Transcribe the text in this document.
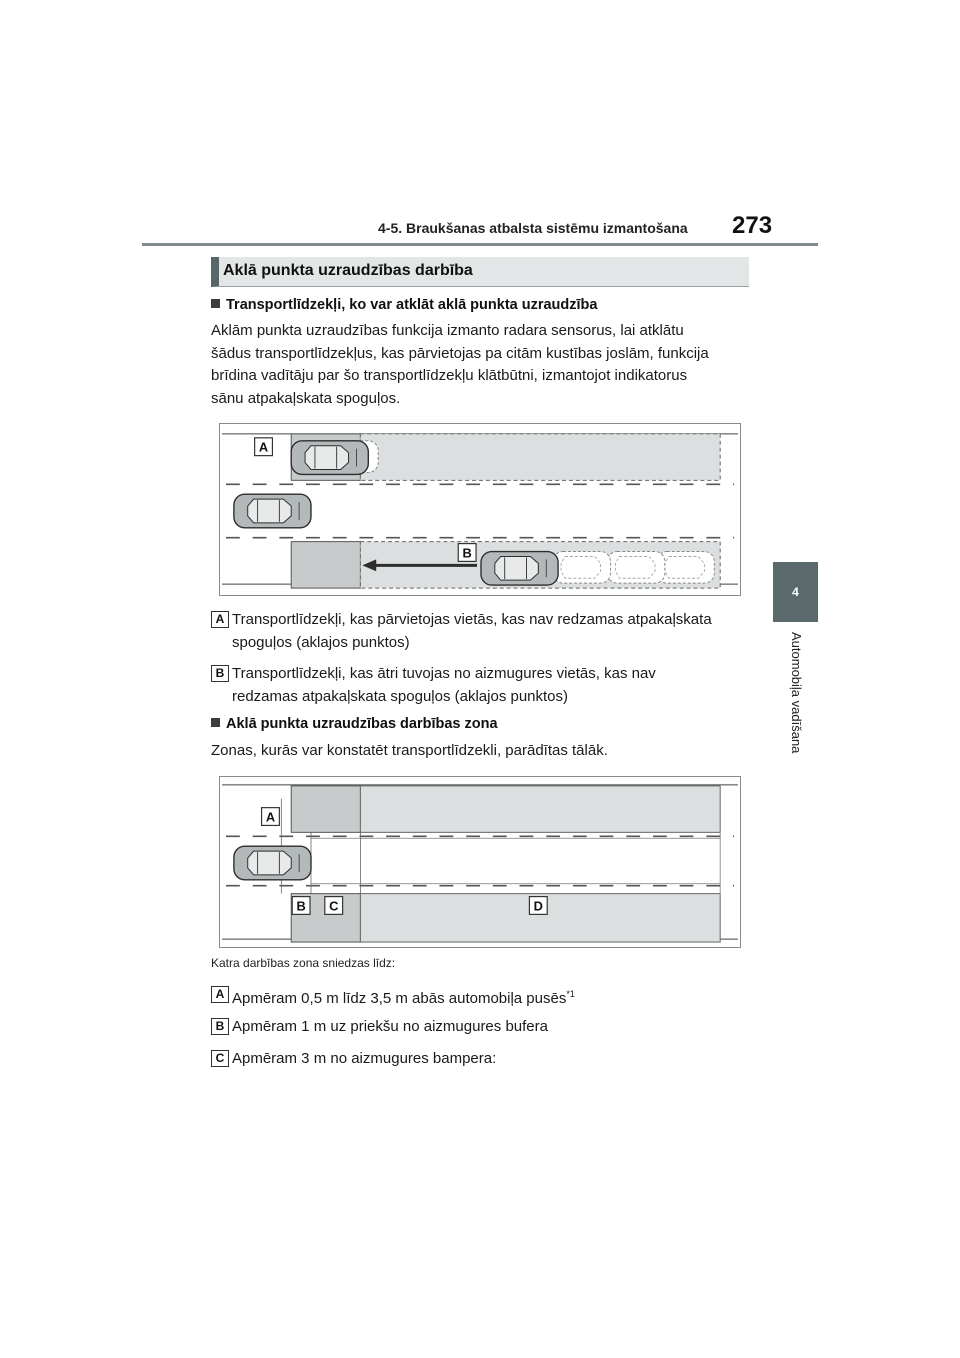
4-5. Braukšanas atbalsta sistēmu izmantošana 273
4
Automobiļa vadīšana
Aklā punkta uzraudzības darbība
Transportlīdzekļi, ko var atklāt aklā punkta uzraudzība
Aklām punkta uzraudzības funkcija izmanto radara sensorus, lai atklātu
šādus transportlīdzekļus, kas pārvietojas pa citām kustības joslām, funkcija
brīdina vadītāju par šo transportlīdzekļu klātbūtni, izmantojot indikatorus
sānu atpakaļskata spoguļos.
A
B
A Transportlīdzekļi, kas pārvietojas vietās, kas nav redzamas atpakaļskata
spoguļos (aklajos punktos)
B Transportlīdzekļi, kas ātri tuvojas no aizmugures vietās, kas nav
redzamas atpakaļskata spoguļos (aklajos punktos)
Aklā punkta uzraudzības darbības zona
Zonas, kurās var konstatēt transportlīdzekli, parādītas tālāk.
A
B C	D
Katra darbības zona sniedzas līdz:
A Apmēram 0,5 m līdz 3,5 m abās automobiļa pusēs$^{*1}$
B Apmēram 1 m uz priekšu no aizmugures bufera
C Apmēram 3 m no aizmugures bampera:
